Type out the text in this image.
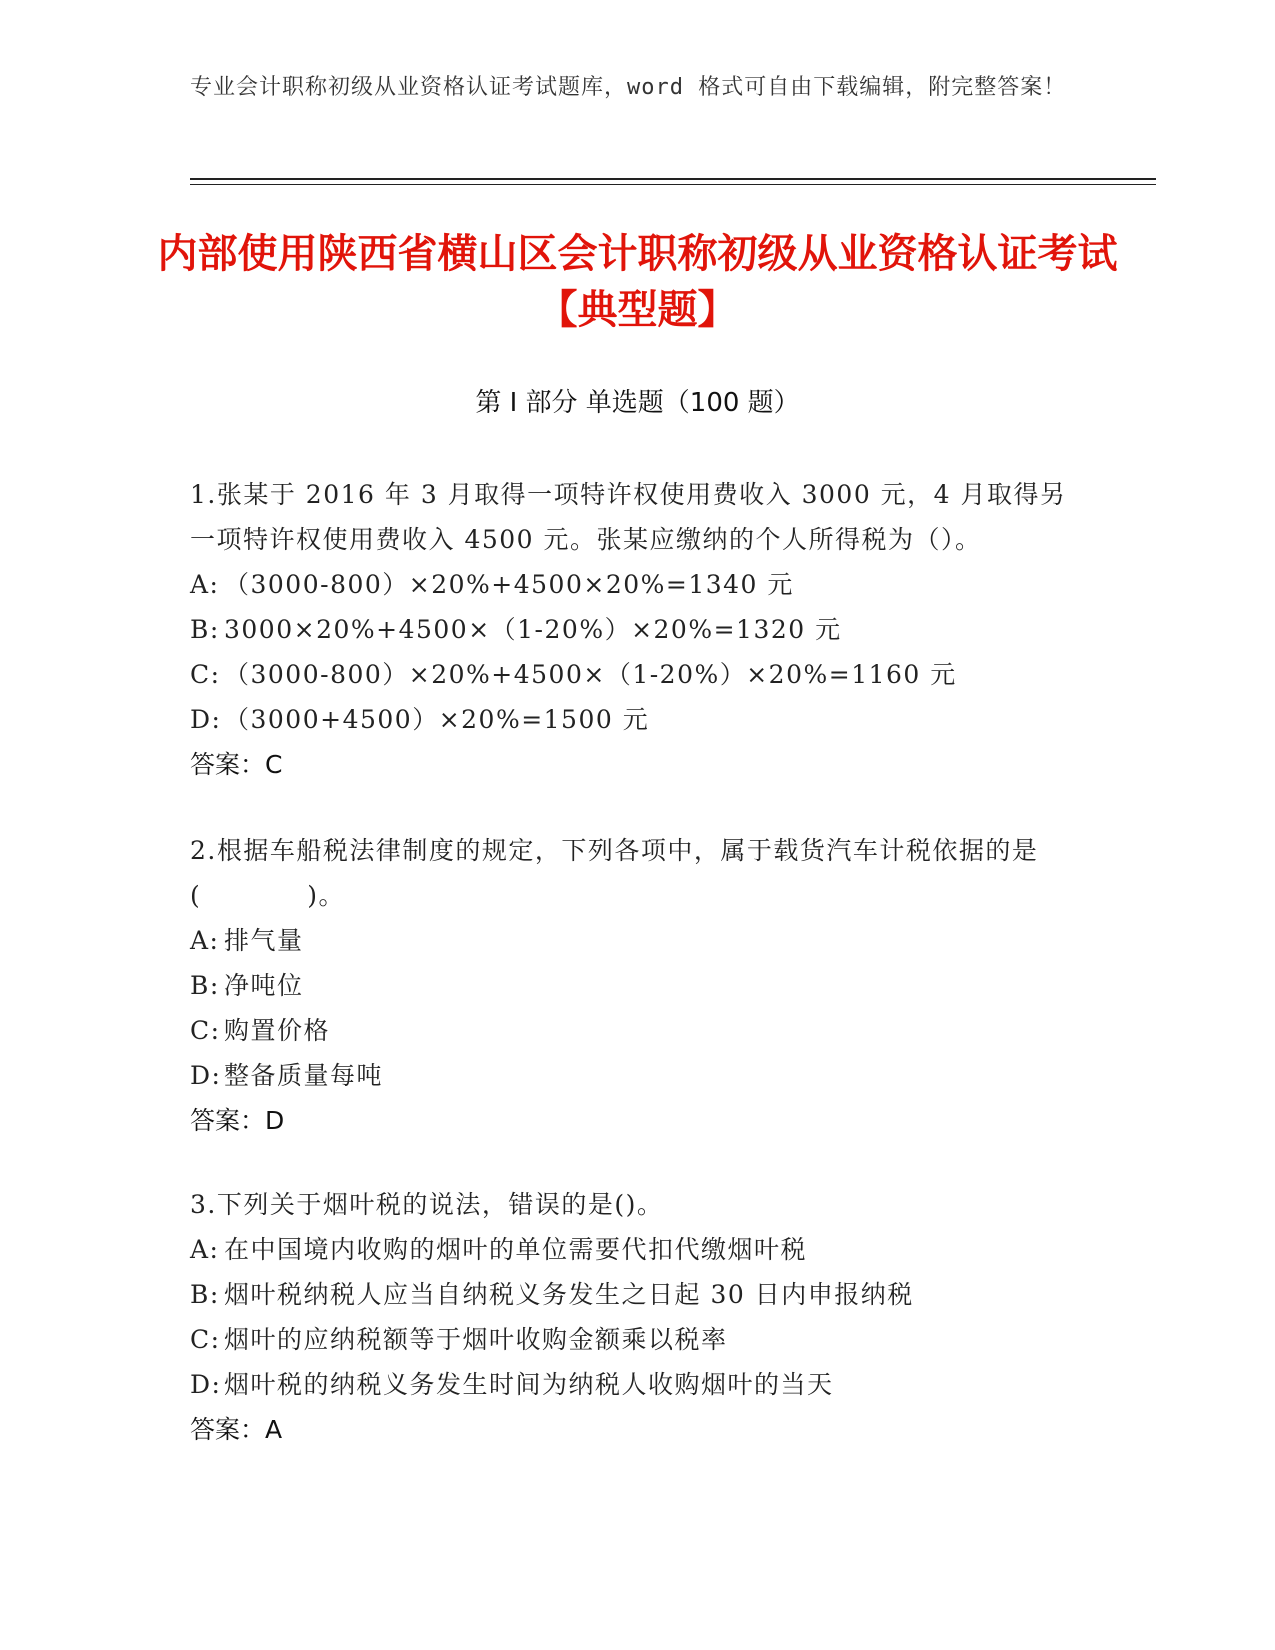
专业会计职称初级从业资格认证考试题库，word 格式可自由下载编辑，附完整答案！
内部使用陕西省横山区会计职称初级从业资格认证考试【典型题】
第 I 部分 单选题（100 题）
1.张某于 2016 年 3 月取得一项特许权使用费收入 3000 元，4 月取得另一项特许权使用费收入 4500 元。张某应缴纳的个人所得税为（）。
A: （3000-800）×20%+4500×20%=1340 元
B: 3000×20%+4500×（1-20%）×20%=1320 元
C: （3000-800）×20%+4500×（1-20%）×20%=1160 元
D: （3000+4500）×20%=1500 元
答案：C
2.根据车船税法律制度的规定，下列各项中，属于载货汽车计税依据的是(　　　　)。
A: 排气量
B: 净吨位
C: 购置价格
D: 整备质量每吨
答案：D
3.下列关于烟叶税的说法，错误的是()。
A: 在中国境内收购的烟叶的单位需要代扣代缴烟叶税
B: 烟叶税纳税人应当自纳税义务发生之日起 30 日内申报纳税
C: 烟叶的应纳税额等于烟叶收购金额乘以税率
D: 烟叶税的纳税义务发生时间为纳税人收购烟叶的当天
答案：A
